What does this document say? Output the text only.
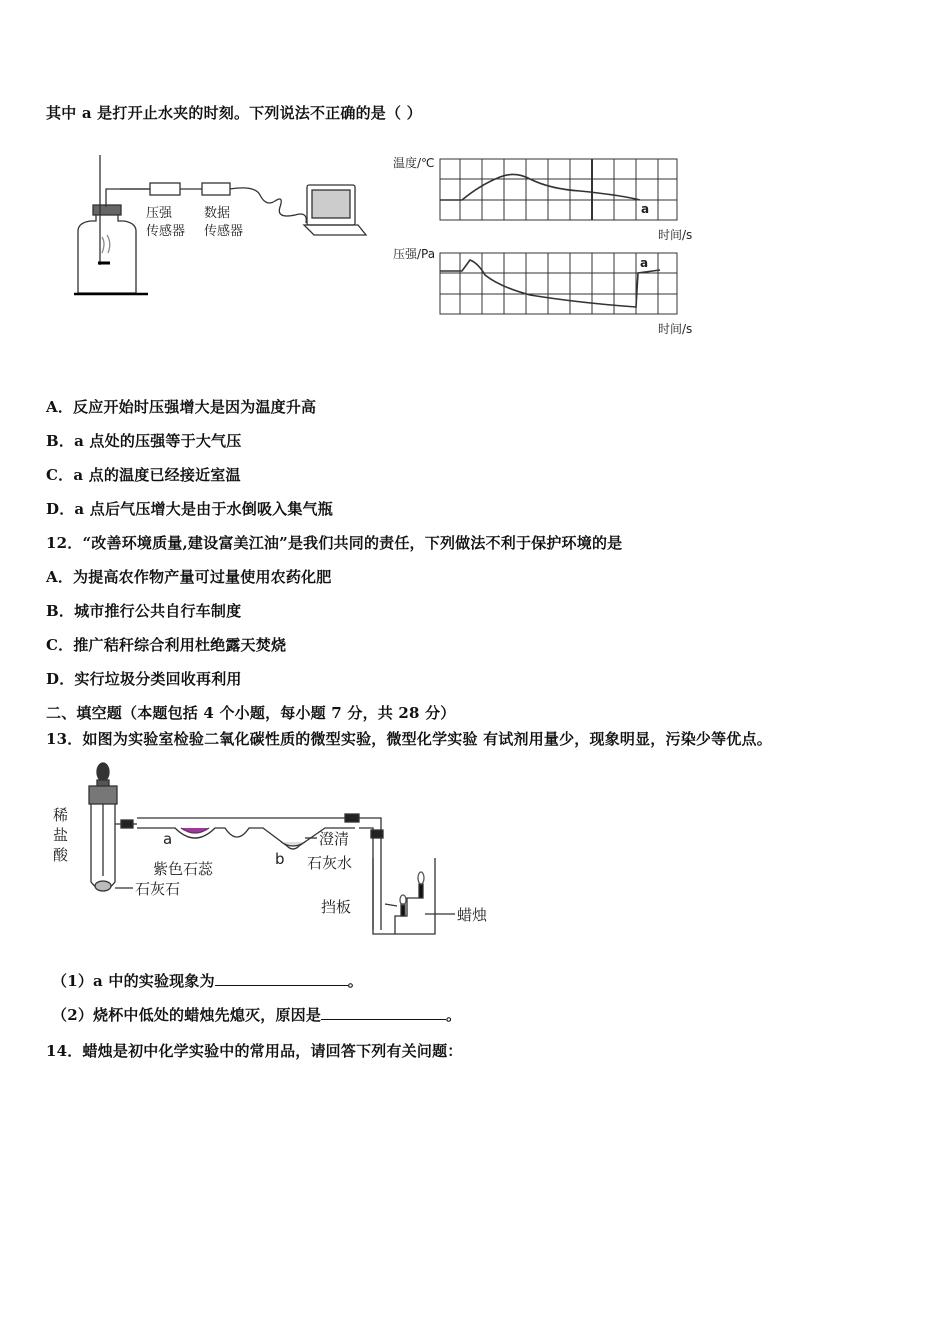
其中 a 是打开止水夹的时刻。下列说法不正确的是（ ）
压强
传感器
数据
传感器
温度/℃
a
时间/s
压强/Pa
a
时间/s
A．反应开始时压强增大是因为温度升高
B．a 点处的压强等于大气压
C．a 点的温度已经接近室温
D．a 点后气压增大是由于水倒吸入集气瓶
12．“改善环境质量,建设富美江油”是我们共同的责任，下列做法不利于保护环境的是
A．为提高农作物产量可过量使用农药化肥
B．城市推行公共自行车制度
C．推广秸秆综合利用杜绝露天焚烧
D．实行垃圾分类回收再利用
二、填空题（本题包括 4 个小题，每小题 7 分，共 28 分）
13．如图为实验室检验二氧化碳性质的微型实验，微型化学实验 有试剂用量少，现象明显，污染少等优点。
稀
盐
酸
石灰石
a
紫色石蕊
b
澄清
石灰水
挡板	蜡烛
（1）a 中的实验现象为	。
（2）烧杯中低处的蜡烛先熄灭，原因是	。
14．蜡烛是初中化学实验中的常用品，请回答下列有关问题：
